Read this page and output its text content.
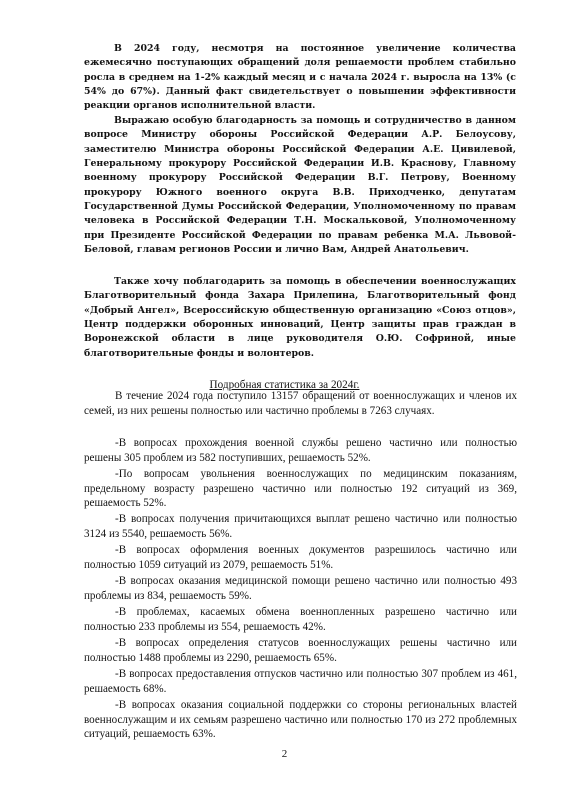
В 2024 году, несмотря на постоянное увеличение количества ежемесячно поступающих обращений доля решаемости проблем стабильно росла в среднем на 1-2% каждый месяц и с начала 2024 г. выросла на 13% (с 54% до 67%). Данный факт свидетельствует о повышении эффективности реакции органов исполнительной власти.

Выражаю особую благодарность за помощь и сотрудничество в данном вопросе Министру обороны Российской Федерации А.Р. Белоусову, заместителю Министра обороны Российской Федерации А.Е. Цивилевой, Генеральному прокурору Российской Федерации И.В. Краснову, Главному военному прокурору Российской Федерации В.Г. Петрову, Военному прокурору Южного военного округа В.В. Приходченко, депутатам Государственной Думы Российской Федерации, Уполномоченному по правам человека в Российской Федерации Т.Н. Москальковой, Уполномоченному при Президенте Российской Федерации по правам ребенка М.А. Львовой-Беловой, главам регионов России и лично Вам, Андрей Анатольевич.

Также хочу поблагодарить за помощь в обеспечении военнослужащих Благотворительный фонда Захара Прилепина, Благотворительный фонд «Добрый Ангел», Всероссийскую общественную организацию «Союз отцов», Центр поддержки оборонных инноваций, Центр защиты прав граждан в Воронежской области в лице руководителя О.Ю. Софриной, иные благотворительные фонды и волонтеров.

Подробная статистика за 2024г.

В течение 2024 года поступило 13157 обращений от военнослужащих и членов их семей, из них решены полностью или частично проблемы в 7263 случаях.

-В вопросах прохождения военной службы решено частично или полностью решены 305 проблем из 582 поступивших, решаемость 52%.

-По вопросам увольнения военнослужащих по медицинским показаниям, предельному возрасту разрешено частично или полностью 192 ситуаций из 369, решаемость 52%.

-В вопросах получения причитающихся выплат решено частично или полностью 3124 из 5540, решаемость 56%.

-В вопросах оформления военных документов разрешилось частично или полностью 1059 ситуаций из 2079, решаемость 51%.

-В вопросах оказания медицинской помощи решено частично или полностью 493 проблемы из 834, решаемость 59%.

-В проблемах, касаемых обмена военнопленных разрешено частично или полностью 233 проблемы из 554, решаемость 42%.

-В вопросах определения статусов военнослужащих решены частично или полностью 1488 проблемы из 2290, решаемость 65%.

-В вопросах предоставления отпусков частично или полностью 307 проблем из 461, решаемость 68%.

-В вопросах оказания социальной поддержки со стороны региональных властей военнослужащим и их семьям разрешено частично или полностью 170 из 272 проблемных ситуаций, решаемость 63%.

2
